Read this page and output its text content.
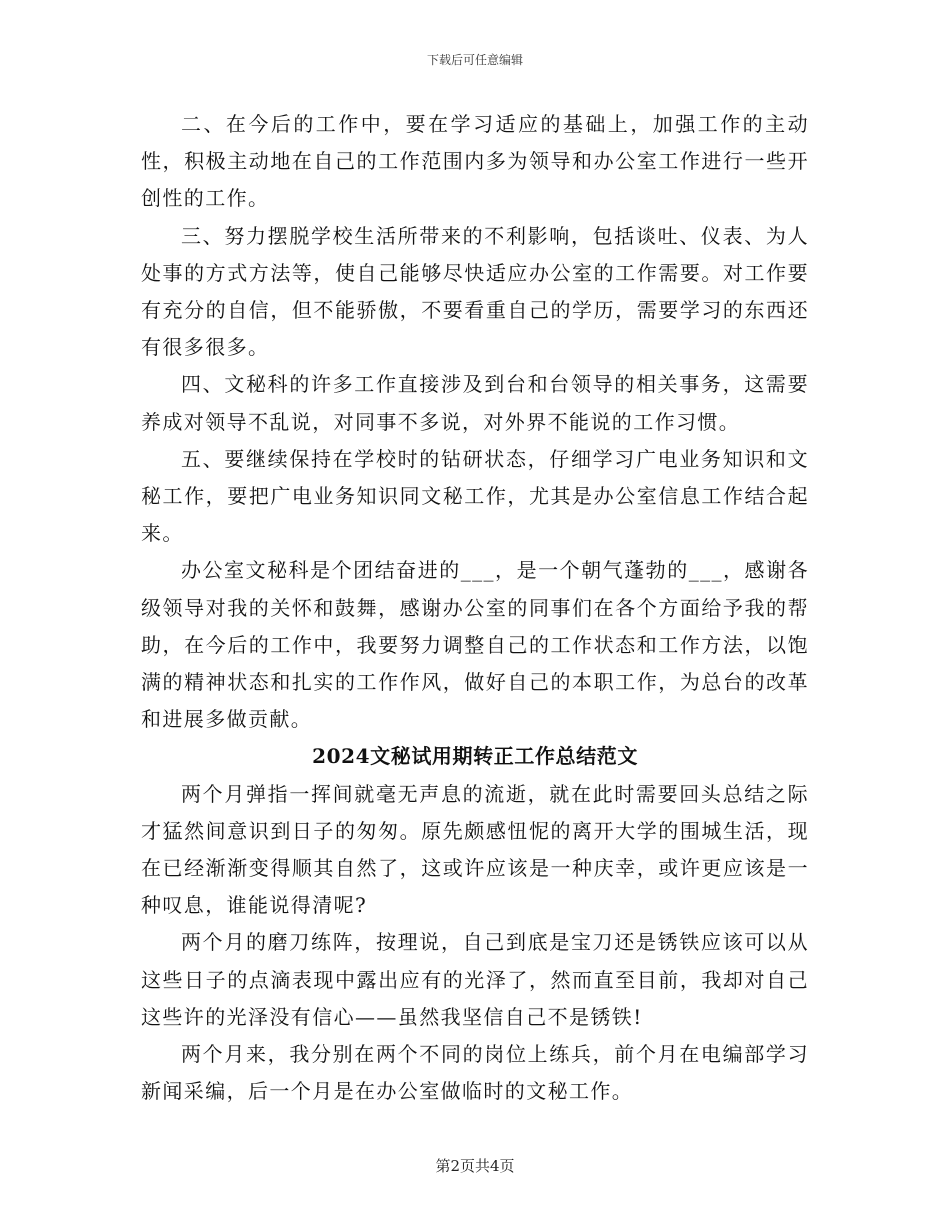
下载后可任意编辑

二、在今后的工作中，要在学习适应的基础上，加强工作的主动性，积极主动地在自己的工作范围内多为领导和办公室工作进行一些开创性的工作。

三、努力摆脱学校生活所带来的不利影响，包括谈吐、仪表、为人处事的方式方法等，使自己能够尽快适应办公室的工作需要。对工作要有充分的自信，但不能骄傲，不要看重自己的学历，需要学习的东西还有很多很多。

四、文秘科的许多工作直接涉及到台和台领导的相关事务，这需要养成对领导不乱说，对同事不多说，对外界不能说的工作习惯。

五、要继续保持在学校时的钻研状态，仔细学习广电业务知识和文秘工作，要把广电业务知识同文秘工作，尤其是办公室信息工作结合起来。

办公室文秘科是个团结奋进的___，是一个朝气蓬勃的___，感谢各级领导对我的关怀和鼓舞，感谢办公室的同事们在各个方面给予我的帮助，在今后的工作中，我要努力调整自己的工作状态和工作方法，以饱满的精神状态和扎实的工作作风，做好自己的本职工作，为总台的改革和进展多做贡献。

2024文秘试用期转正工作总结范文

两个月弹指一挥间就毫无声息的流逝，就在此时需要回头总结之际才猛然间意识到日子的匆匆。原先颇感忸怩的离开大学的围城生活，现在已经渐渐变得顺其自然了，这或许应该是一种庆幸，或许更应该是一种叹息，谁能说得清呢?

两个月的磨刀练阵，按理说，自己到底是宝刀还是锈铁应该可以从这些日子的点滴表现中露出应有的光泽了，然而直至目前，我却对自己这些许的光泽没有信心——虽然我坚信自己不是锈铁!

两个月来，我分别在两个不同的岗位上练兵，前个月在电编部学习新闻采编，后一个月是在办公室做临时的文秘工作。

第2页共4页
